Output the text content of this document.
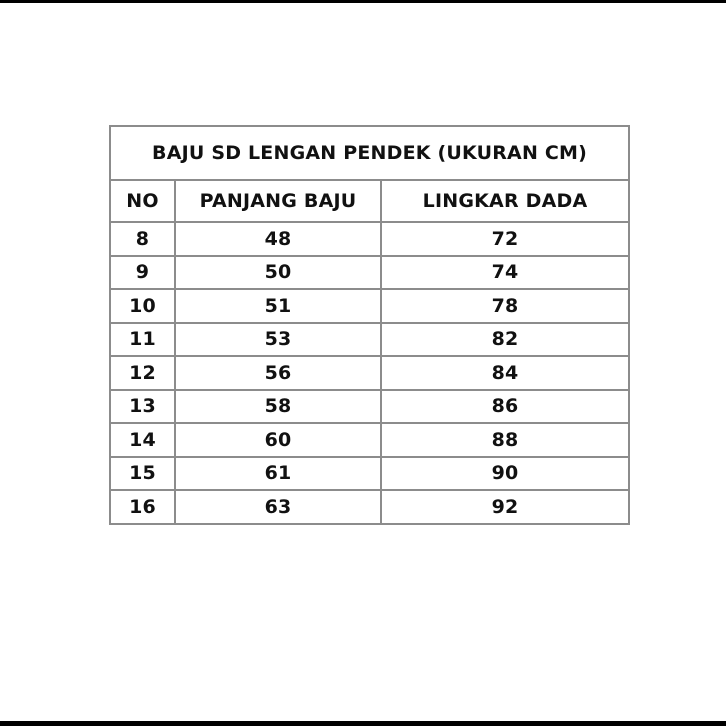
BAJU SD LENGAN PENDEK (UKURAN CM)		
NO	PANJANG BAJU	LINGKAR DADA
8	48	72
9	50	74
10	51	78
11	53	82
12	56	84
13	58	86
14	60	88
15	61	90
16	63	92
